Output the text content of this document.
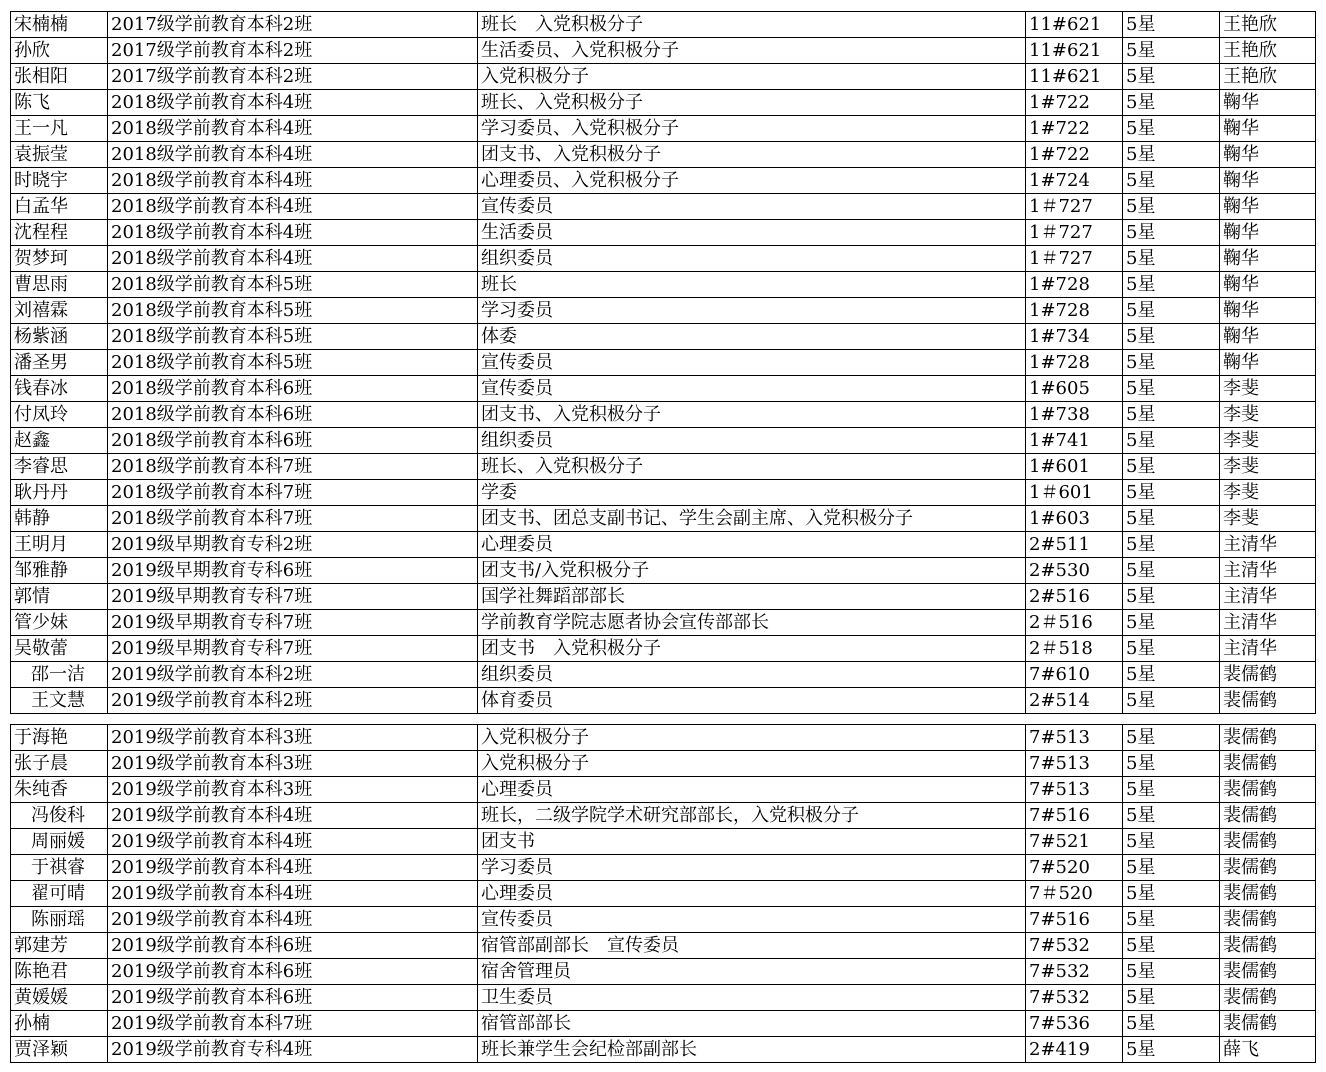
宋楠楠	2017级学前教育本科2班	班长　入党积极分子	11#621	5星	王艳欣
孙欣	2017级学前教育本科2班	生活委员、入党积极分子	11#621	5星	王艳欣
张相阳	2017级学前教育本科2班	入党积极分子	11#621	5星	王艳欣
陈飞	2018级学前教育本科4班	班长、入党积极分子	1#722	5星	鞠华
王一凡	2018级学前教育本科4班	学习委员、入党积极分子	1#722	5星	鞠华
袁振莹	2018级学前教育本科4班	团支书、入党积极分子	1#722	5星	鞠华
时晓宇	2018级学前教育本科4班	心理委员、入党积极分子	1#724	5星	鞠华
白孟华	2018级学前教育本科4班	宣传委员	1＃727	5星	鞠华
沈程程	2018级学前教育本科4班	生活委员	1＃727	5星	鞠华
贺梦珂	2018级学前教育本科4班	组织委员	1＃727	5星	鞠华
曹思雨	2018级学前教育本科5班	班长	1#728	5星	鞠华
刘禧霖	2018级学前教育本科5班	学习委员	1#728	5星	鞠华
杨紫涵	2018级学前教育本科5班	体委	1#734	5星	鞠华
潘圣男	2018级学前教育本科5班	宣传委员	1#728	5星	鞠华
钱春冰	2018级学前教育本科6班	宣传委员	1#605	5星	李斐
付凤玲	2018级学前教育本科6班	团支书、入党积极分子	1#738	5星	李斐
赵鑫	2018级学前教育本科6班	组织委员	1#741	5星	李斐
李睿思	2018级学前教育本科7班	班长、入党积极分子	1#601	5星	李斐
耿丹丹	2018级学前教育本科7班	学委	1＃601	5星	李斐
韩静	2018级学前教育本科7班	团支书、团总支副书记、学生会副主席、入党积极分子	1#603	5星	李斐
王明月	2019级早期教育专科2班	心理委员	2#511	5星	主清华
邹雅静	2019级早期教育专科6班	团支书/入党积极分子	2#530	5星	主清华
郭情	2019级早期教育专科7班	国学社舞蹈部部长	2#516	5星	主清华
管少妹	2019级早期教育专科7班	学前教育学院志愿者协会宣传部部长	2＃516	5星	主清华
吴敬蕾	2019级早期教育专科7班	团支书　入党积极分子	2＃518	5星	主清华
邵一洁	2019级学前教育本科2班	组织委员	7#610	5星	裴儒鹤
王文慧	2019级学前教育本科2班	体育委员	2#514	5星	裴儒鹤
于海艳	2019级学前教育本科3班	入党积极分子	7#513	5星	裴儒鹤
张子晨	2019级学前教育本科3班	入党积极分子	7#513	5星	裴儒鹤
朱纯香	2019级学前教育本科3班	心理委员	7#513	5星	裴儒鹤
冯俊科	2019级学前教育本科4班	班长，二级学院学术研究部部长，入党积极分子	7#516	5星	裴儒鹤
周丽媛	2019级学前教育本科4班	团支书	7#521	5星	裴儒鹤
于祺睿	2019级学前教育本科4班	学习委员	7#520	5星	裴儒鹤
翟可晴	2019级学前教育本科4班	心理委员	7＃520	5星	裴儒鹤
陈丽瑶	2019级学前教育本科4班	宣传委员	7#516	5星	裴儒鹤
郭建芳	2019级学前教育本科6班	宿管部副部长　宣传委员	7#532	5星	裴儒鹤
陈艳君	2019级学前教育本科6班	宿舍管理员	7#532	5星	裴儒鹤
黄媛媛	2019级学前教育本科6班	卫生委员	7#532	5星	裴儒鹤
孙楠	2019级学前教育本科7班	宿管部部长	7#536	5星	裴儒鹤
贾泽颖	2019级学前教育专科4班	班长兼学生会纪检部副部长	2#419	5星	薛飞
